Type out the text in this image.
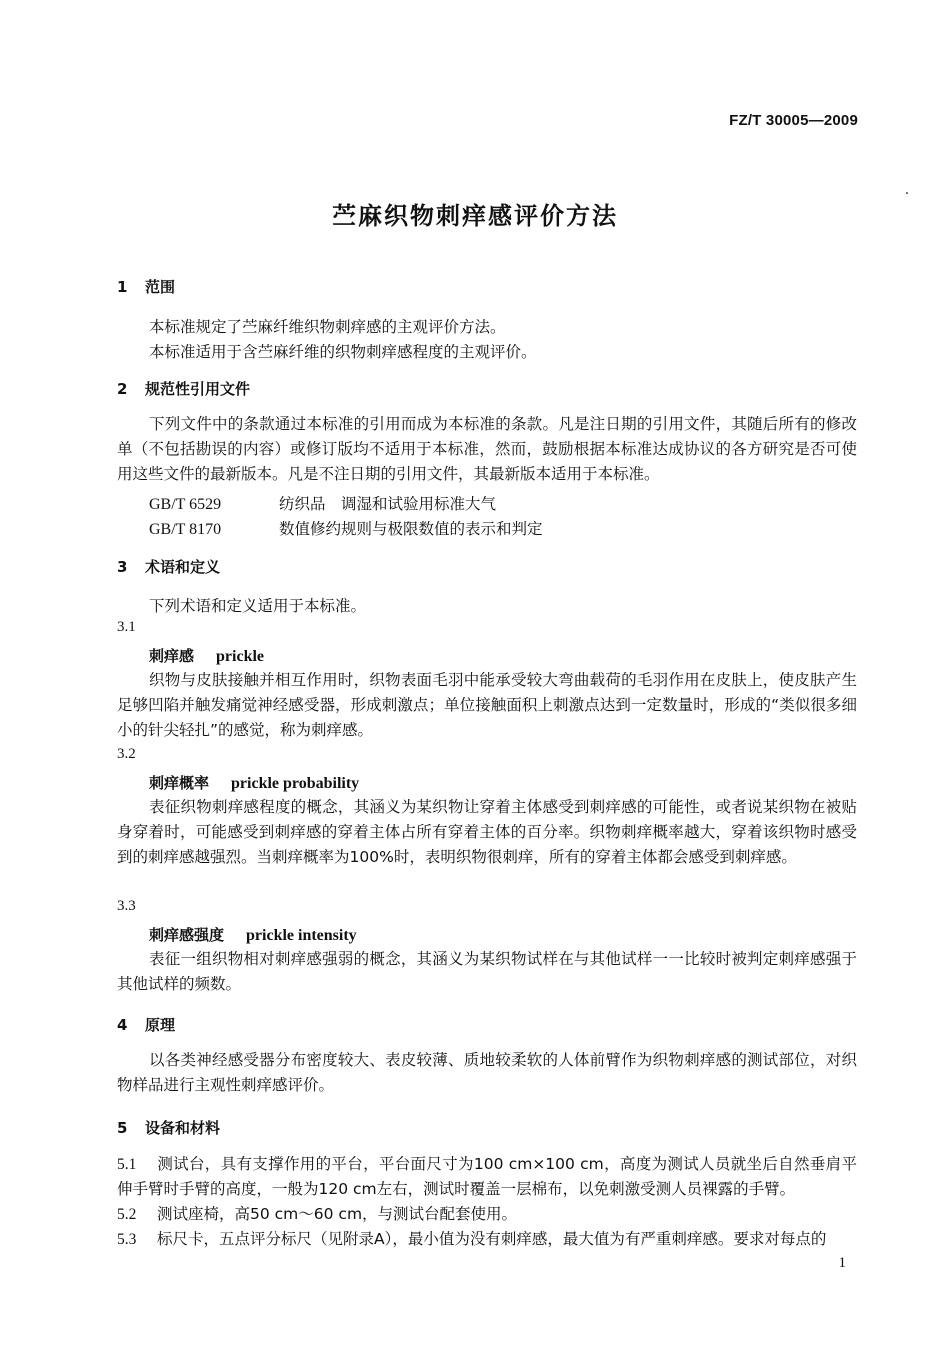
FZ/T 30005—2009
苎麻织物刺痒感评价方法
1 范围
本标准规定了苎麻纤维织物刺痒感的主观评价方法。
本标准适用于含苎麻纤维的织物刺痒感程度的主观评价。
2 规范性引用文件
下列文件中的条款通过本标准的引用而成为本标准的条款。凡是注日期的引用文件，其随后所有的修改单（不包括勘误的内容）或修订版均不适用于本标准，然而，鼓励根据本标准达成协议的各方研究是否可使用这些文件的最新版本。凡是不注日期的引用文件，其最新版本适用于本标准。
GB/T 6529	纺织品　调湿和试验用标准大气
GB/T 8170	数值修约规则与极限数值的表示和判定
3 术语和定义
下列术语和定义适用于本标准。
3.1
刺痒感 prickle
织物与皮肤接触并相互作用时，织物表面毛羽中能承受较大弯曲载荷的毛羽作用在皮肤上，使皮肤产生足够凹陷并触发痛觉神经感受器，形成刺激点；单位接触面积上刺激点达到一定数量时，形成的“类似很多细小的针尖轻扎”的感觉，称为刺痒感。
3.2
刺痒概率 prickle probability
表征织物刺痒感程度的概念，其涵义为某织物让穿着主体感受到刺痒感的可能性，或者说某织物在被贴身穿着时，可能感受到刺痒感的穿着主体占所有穿着主体的百分率。织物刺痒概率越大，穿着该织物时感受到的刺痒感越强烈。当刺痒概率为100%时，表明织物很刺痒，所有的穿着主体都会感受到刺痒感。
3.3
刺痒感强度 prickle intensity
表征一组织物相对刺痒感强弱的概念，其涵义为某织物试样在与其他试样一一比较时被判定刺痒感强于其他试样的频数。
4 原理
以各类神经感受器分布密度较大、表皮较薄、质地较柔软的人体前臂作为织物刺痒感的测试部位，对织物样品进行主观性刺痒感评价。
5 设备和材料
5.1 测试台，具有支撑作用的平台，平台面尺寸为100 cm×100 cm，高度为测试人员就坐后自然垂肩平伸手臂时手臂的高度，一般为120 cm左右，测试时覆盖一层棉布，以免刺激受测人员裸露的手臂。
5.2 测试座椅，高50 cm～60 cm，与测试台配套使用。
5.3 标尺卡，五点评分标尺（见附录A），最小值为没有刺痒感，最大值为有严重刺痒感。要求对每点的
1
